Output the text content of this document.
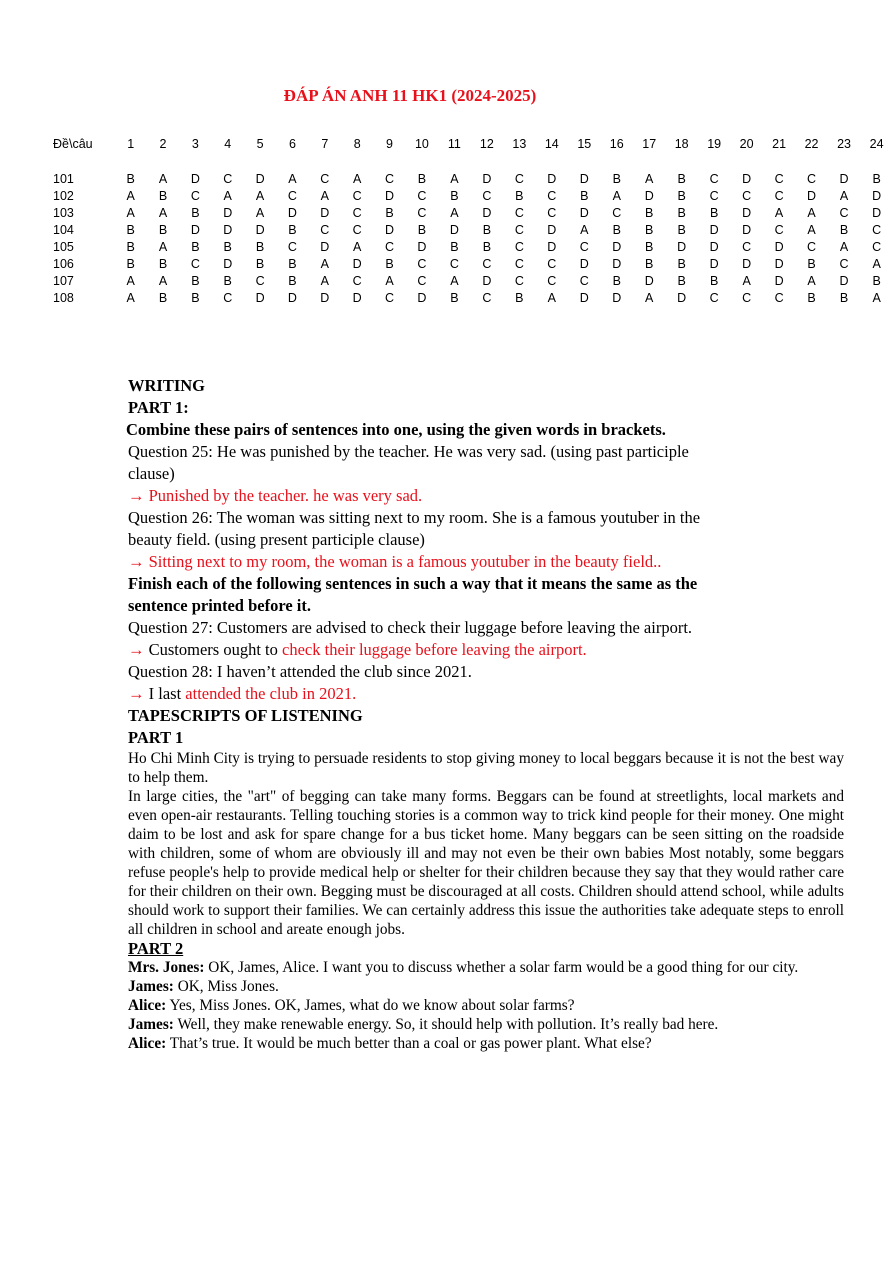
ĐÁP ÁN ANH 11 HK1 (2024-2025)
Đề\câu	1	2	3	4	5	6	7	8	9	10	11	12	13	14	15	16	17	18	19	20	21	22	23	24

101	B	A	D	C	D	A	C	A	C	B	A	D	C	D	D	B	A	B	C	D	C	C	D	B
102	A	B	C	A	A	C	A	C	D	C	B	C	B	C	B	A	D	B	C	C	C	D	A	D
103	A	A	B	D	A	D	D	C	B	C	A	D	C	C	D	C	B	B	B	D	A	A	C	D
104	B	B	D	D	D	B	C	C	D	B	D	B	C	D	A	B	B	B	D	D	C	A	B	C
105	B	A	B	B	B	C	D	A	C	D	B	B	C	D	C	D	B	D	D	C	D	C	A	C
106	B	B	C	D	B	B	A	D	B	C	C	C	C	C	D	D	B	B	D	D	D	B	C	A
107	A	A	B	B	C	B	A	C	A	C	A	D	C	C	C	B	D	B	B	A	D	A	D	B
108	A	B	B	C	D	D	D	D	C	D	B	C	B	A	D	D	A	D	C	C	C	B	B	A

WRITING

PART 1:

Combine these pairs of sentences into one, using the given words in brackets.

Question 25: He was punished by the teacher. He was very sad. (using past participle
clause)

→ Punished by the teacher. he was very sad.

Question 26: The woman was sitting next to my room. She is a famous youtuber in the
beauty field. (using present participle clause)

→ Sitting next to my room, the woman is a famous youtuber in the beauty field..

Finish each of the following sentences in such a way that it means the same as the
sentence printed before it.

Question 27: Customers are advised to check their luggage before leaving the airport.

→ Customers ought to check their luggage before leaving the airport.

Question 28: I haven’t attended the club since 2021.

→ I last attended the club in 2021.

TAPESCRIPTS OF LISTENING

PART 1

Ho Chi Minh City is trying to persuade residents to stop giving money to local beggars because it is not the best way to help them.

In large cities, the "art" of begging can take many forms. Beggars can be found at streetlights, local markets and even open-air restaurants. Telling touching stories is a common way to trick kind people for their money. One might daim to be lost and ask for spare change for a bus ticket home. Many beggars can be seen sitting on the roadside with children, some of whom are obviously ill and may not even be their own babies Most notably, some beggars refuse people's help to provide medical help or shelter for their children because they say that they would rather care for their children on their own. Begging must be discouraged at all costs. Children should attend school, while adults should work to support their families. We can certainly address this issue the authorities take adequate steps to enroll all children in school and areate enough jobs.

PART 2

Mrs. Jones: OK, James, Alice. I want you to discuss whether a solar farm would be a good thing for our city.

James: OK, Miss Jones.

Alice: Yes, Miss Jones. OK, James, what do we know about solar farms?

James: Well, they make renewable energy. So, it should help with pollution. It’s really bad here.

Alice: That’s true. It would be much better than a coal or gas power plant. What else?
